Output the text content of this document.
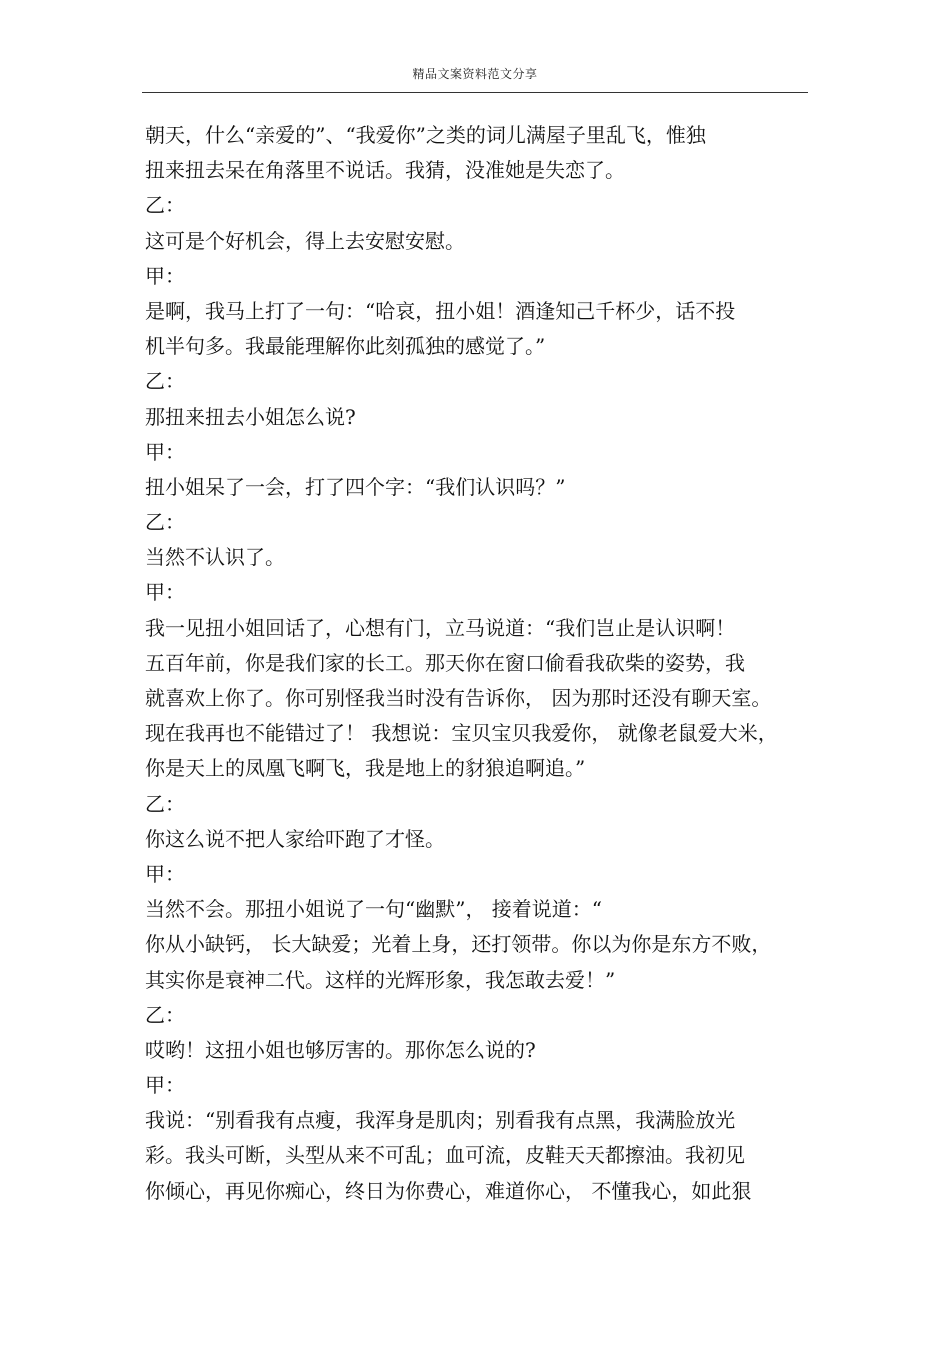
精品文案资料范文分享
朝天，什么“亲爱的”、“我爱你”之类的词儿满屋子里乱飞，惟独
扭来扭去呆在角落里不说话。我猜，没准她是失恋了。
乙：
这可是个好机会，得上去安慰安慰。
甲：
是啊，我马上打了一句：“哈哀，扭小姐！酒逢知己千杯少，话不投
机半句多。我最能理解你此刻孤独的感觉了。”
乙：
那扭来扭去小姐怎么说?
甲：
扭小姐呆了一会，打了四个字：“我们认识吗？”
乙：
当然不认识了。
甲：
我一见扭小姐回话了，心想有门，立马说道：“我们岂止是认识啊！
五百年前，你是我们家的长工。那天你在窗口偷看我砍柴的姿势，我
就喜欢上你了。你可别怪我当时没有告诉你， 因为那时还没有聊天室。
现在我再也不能错过了！ 我想说：宝贝宝贝我爱你， 就像老鼠爱大米，
你是天上的凤凰飞啊飞，我是地上的豺狼追啊追。”
乙：
你这么说不把人家给吓跑了才怪。
甲：
当然不会。那扭小姐说了一句“幽默”， 接着说道：“
你从小缺钙， 长大缺爱；光着上身，还打领带。你以为你是东方不败，
其实你是衰神二代。这样的光辉形象，我怎敢去爱！”
乙：
哎哟！这扭小姐也够厉害的。那你怎么说的?
甲：
我说：“别看我有点瘦，我浑身是肌肉；别看我有点黑，我满脸放光
彩。我头可断，头型从来不可乱；血可流，皮鞋天天都擦油。我初见
你倾心，再见你痴心，终日为你费心，难道你心， 不懂我心，如此狠
